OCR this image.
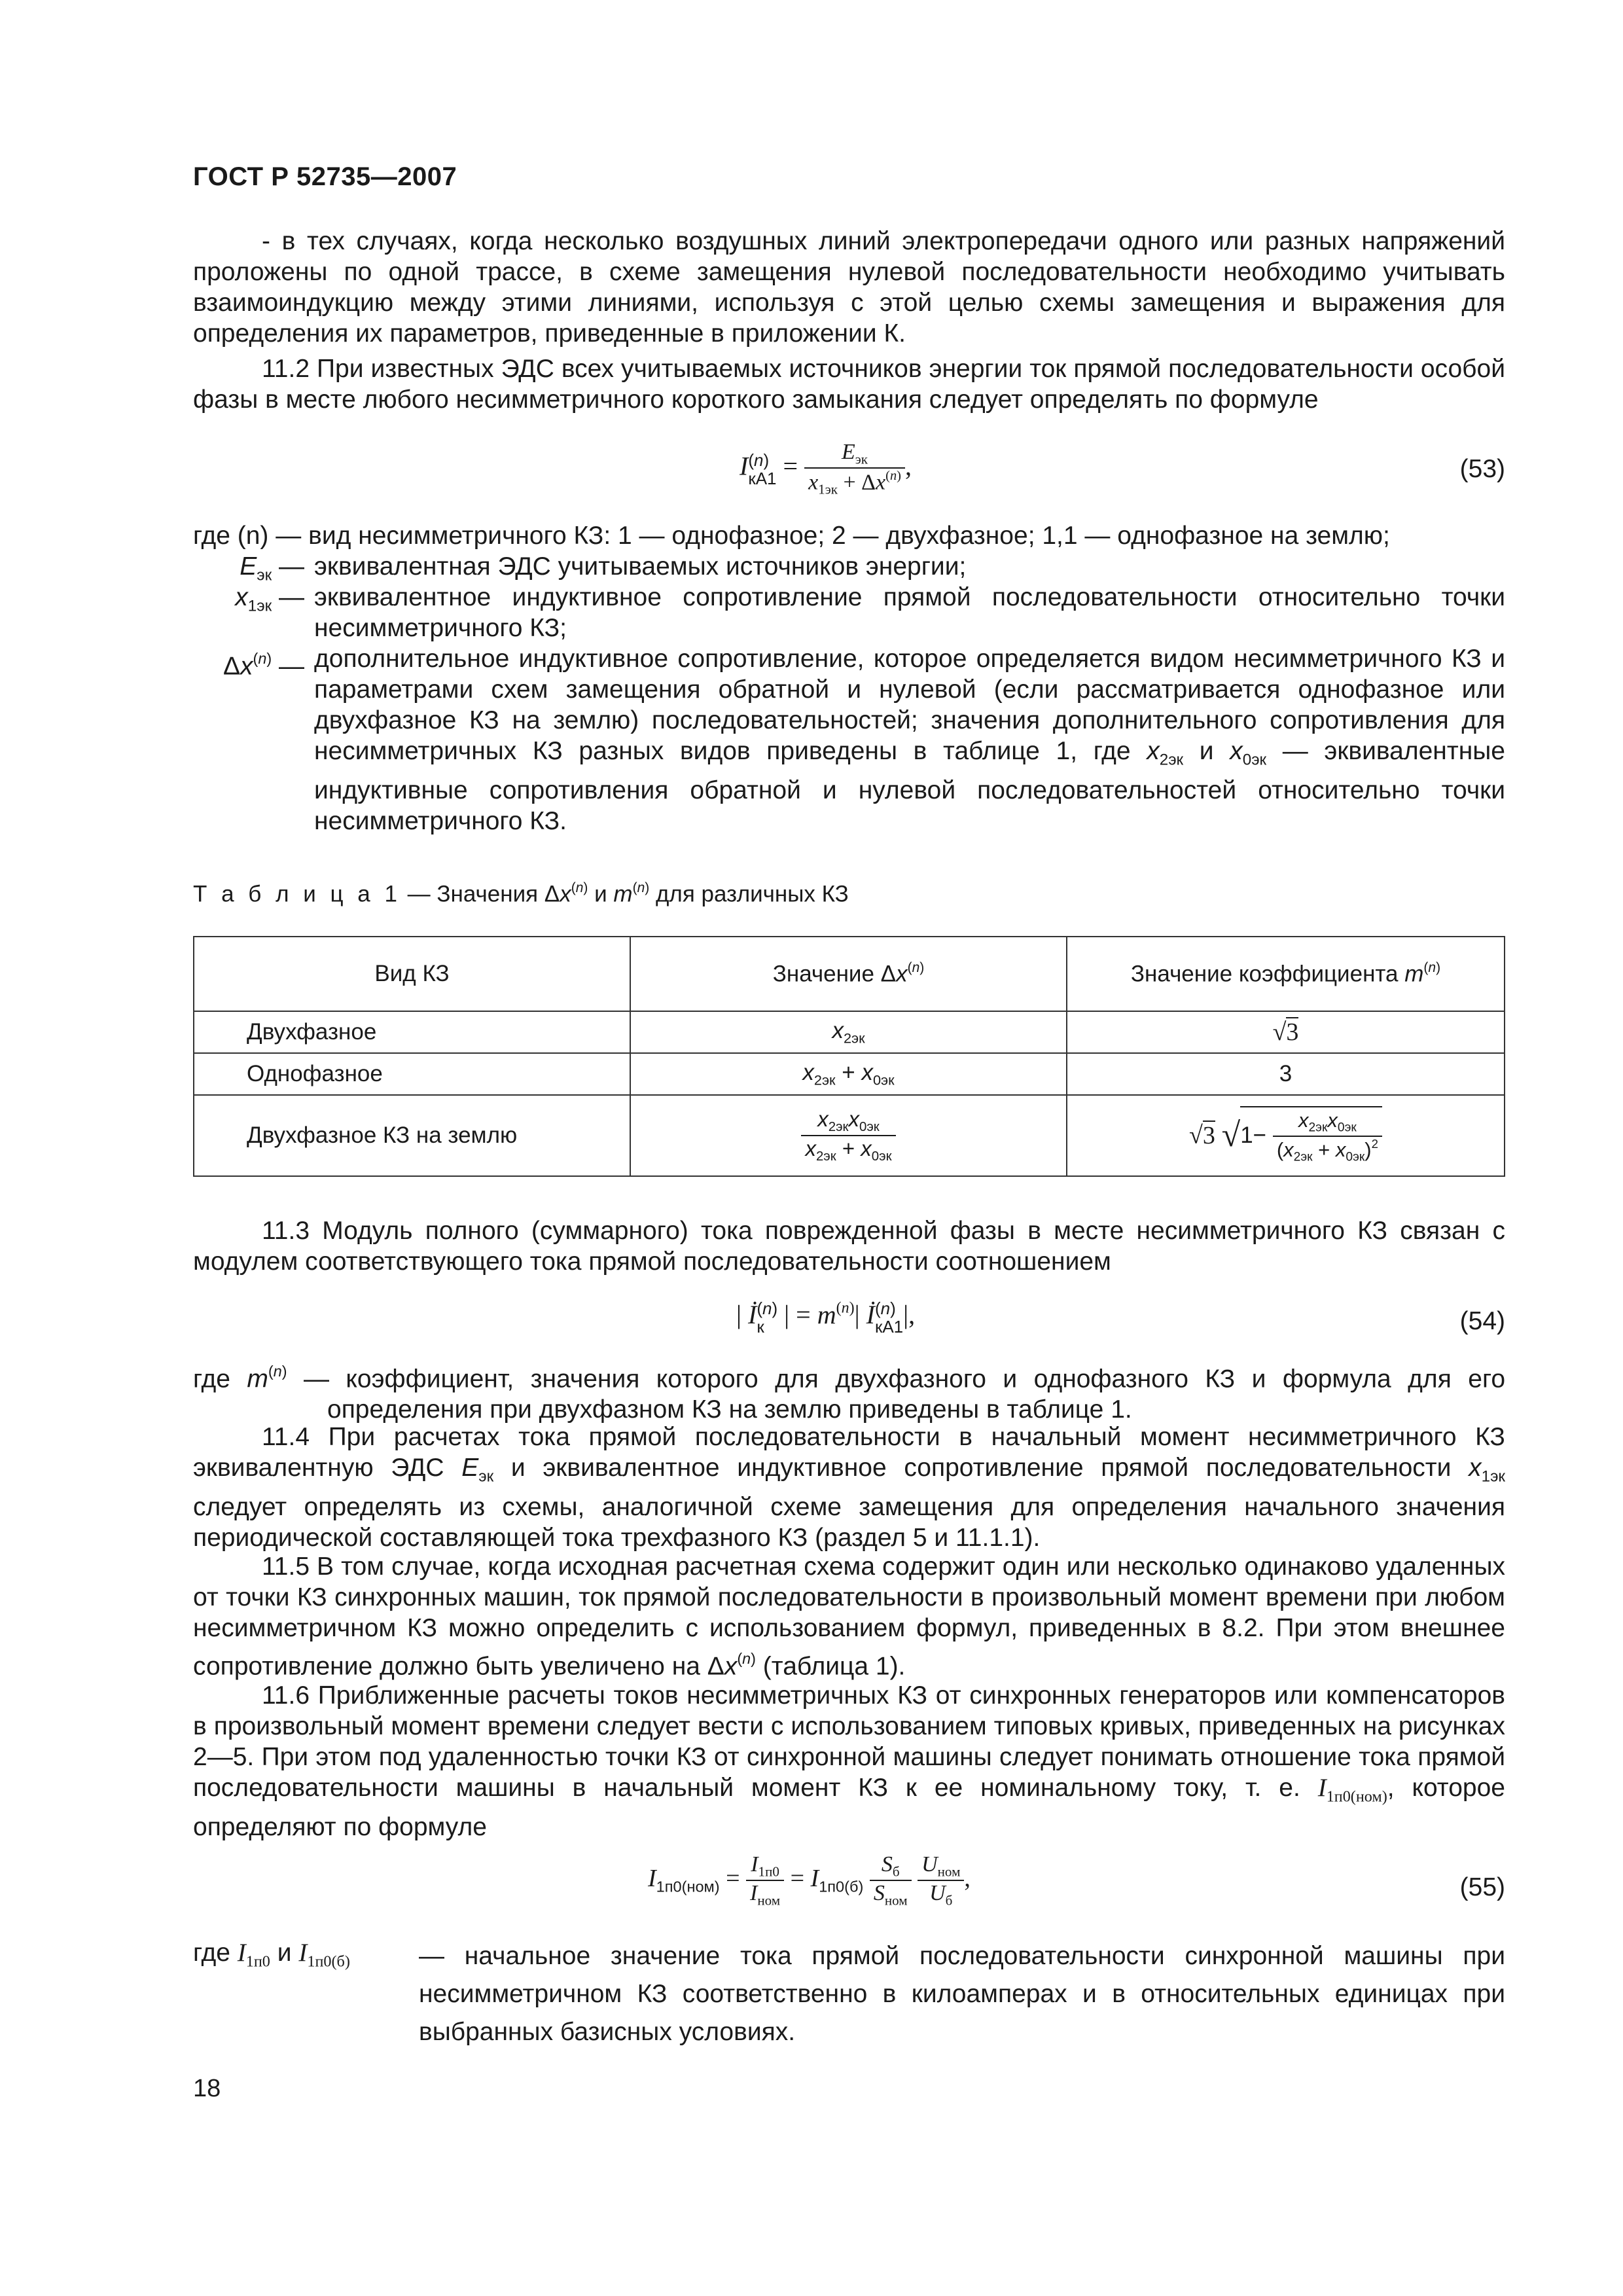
ГОСТ Р 52735—2007
- в тех случаях, когда несколько воздушных линий электропередачи одного или разных напряжений проложены по одной трассе, в схеме замещения нулевой последовательности необходимо учитывать взаимоиндукцию между этими линиями, используя с этой целью схемы замещения и выражения для определения их параметров, приведенные в приложении К.
11.2 При известных ЭДС всех учитываемых источников энергии ток прямой последовательности особой фазы в месте любого несимметричного короткого замыкания следует определять по формуле
I (n)
$кА1 = \frac{E_{эк}}{x_{1эк} + \Delta x^{(n)}}$ ,	(53)
где (n) — вид несимметричного КЗ: 1 — однофазное; 2 — двухфазное; 1,1 — однофазное на землю;
$E_{эк}$ — эквивалентная ЭДС учитываемых источников энергии;
$x_{1эк}$ — эквивалентное индуктивное сопротивление прямой последовательности относительно точки несимметричного КЗ;
$\Delta x^{(n)}$ — дополнительное индуктивное сопротивление, которое определяется видом несимметричного КЗ и параметрами схем замещения обратной и нулевой (если рассматривается однофазное или двухфазное КЗ на землю) последовательностей; значения дополнительного сопротивления для несимметричных КЗ разных видов приведены в таблице 1, где $x_{2эк}$ и $x_{0эк}$ — эквивалентные индуктивные сопротивления обратной и нулевой последовательностей относительно точки несимметричного КЗ.
Т а б л и ц а 1 — Значения $\Delta x^{(n)}$ и $m^{(n)}$ для различных КЗ
Вид КЗ	Значение $\Delta x^{(n)}$	Значение коэффициента $m^{(n)}$
Двухфазное	$x_{2эк}$	√3
Однофазное	$x_{2эк} + x_{0эк}$	3
Двухфазное КЗ на землю	$\frac{x_{2эк}x_{0эк}}{x_{2эк} + x_{0эк}}$	√3 $√1- \frac{x_{2эк}x_{0эк}}{(x_{2эк} + x_{0эк})^2}$
11.3 Модуль полного (суммарного) тока поврежденной фазы в месте несимметричного КЗ связан с модулем соответствующего тока прямой последовательности соотношением
| İ (n)
к | = $m^{(n)}|$ İ (n)
кА1 |,	(54)
где $m^{(n)}$ — коэффициент, значения которого для двухфазного и однофазного КЗ и формула для его определения при двухфазном КЗ на землю приведены в таблице 1.
11.4 При расчетах тока прямой последовательности в начальный момент несимметричного КЗ эквивалентную ЭДС $E_{эк}$ и эквивалентное индуктивное сопротивление прямой последовательности $x_{1эк}$ следует определять из схемы, аналогичной схеме замещения для определения начального значения периодической составляющей тока трехфазного КЗ (раздел 5 и 11.1.1).
11.5 В том случае, когда исходная расчетная схема содержит один или несколько одинаково удаленных от точки КЗ синхронных машин, ток прямой последовательности в произвольный момент времени при любом несимметричном КЗ можно определить с использованием формул, приведенных в 8.2. При этом внешнее сопротивление должно быть увеличено на $\Delta x^{(n)}$ (таблица 1).
11.6 Приближенные расчеты токов несимметричных КЗ от синхронных генераторов или компенсаторов в произвольный момент времени следует вести с использованием типовых кривых, приведенных на рисунках 2—5. При этом под удаленностью точки КЗ от синхронной машины следует понимать отношение тока прямой последовательности машины в начальный момент КЗ к ее номинальному току, т. е. $I_{1п0(ном)}$, которое определяют по формуле
$I_{1п0(ном)} = \frac{I_{1п0}}{I_{ном}} = I_{1п0(б)} \frac{S_б}{S_{ном}}$
$\frac{U_{ном}}{U_б}$ ,	(55)
где $I_{1п0}$ и $I_{1п0(б)}$	— начальное значение тока прямой последовательности синхронной машины при несимметричном КЗ соответственно в килоамперах и в относительных единицах при выбранных базисных условиях.
18
